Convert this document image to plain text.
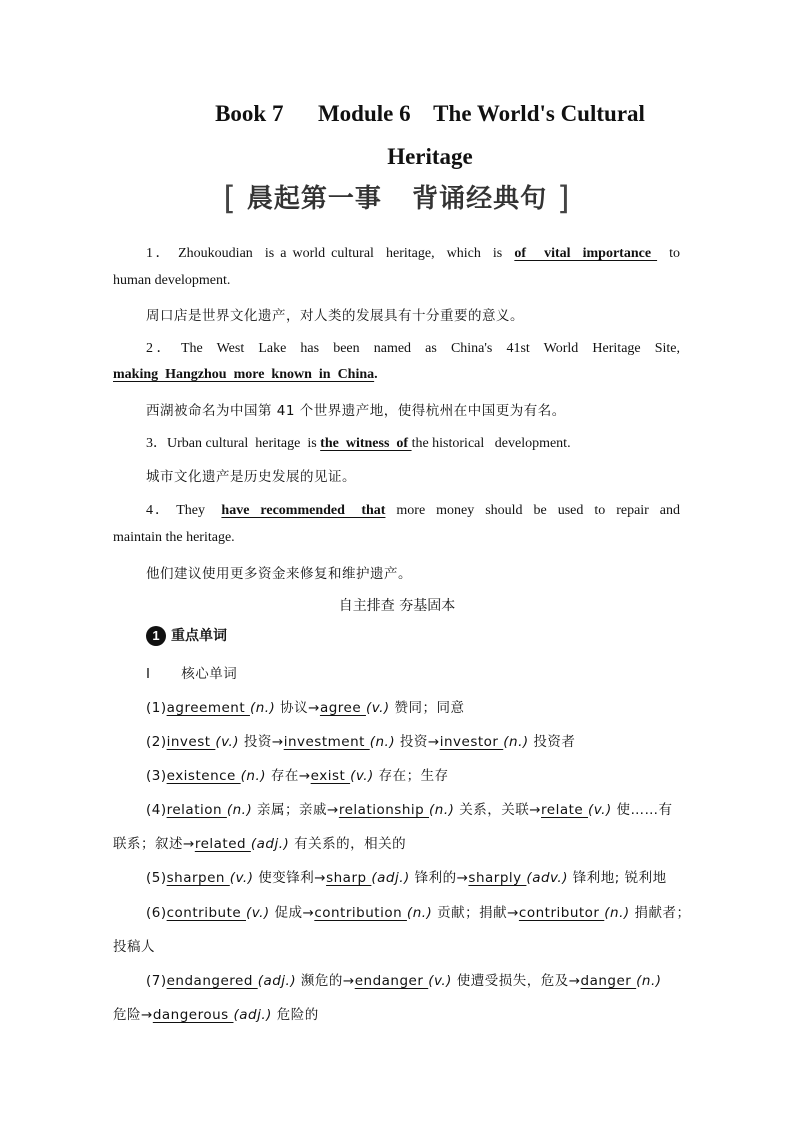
Book 7      Module 6    The World's Cultural
Heritage
[ 晨起第一事   背诵经典句 ]
1． Zhoukoudian  is a world cultural  heritage,  which  is  of   vital  importance   to
human development.
周口店是世界文化遗产，对人类的发展具有十分重要的意义。
2． The  West  Lake  has  been  named  as  China's  41st  World  Heritage  Site,
making  Hangzhou  more  known  in  China.
西湖被命名为中国第 41 个世界遗产地，使得杭州在中国更为有名。
3．Urban cultural  heritage  is the  witness  of the historical   development.
城市文化遗产是历史发展的见证。
4． They   have  recommended   that  more  money  should  be  used  to  repair  and
maintain the heritage.
他们建议使用更多资金来修复和维护遗产。
自主排查 夯基固本
1 重点单词
Ⅰ 核心单词
(1)agreement (n.) 协议→agree (v.) 赞同；同意
(2)invest (v.) 投资→investment (n.) 投资→investor (n.) 投资者
(3)existence (n.) 存在→exist (v.) 存在；生存
(4)relation (n.) 亲属；亲戚→relationship (n.) 关系，关联→relate (v.) 使……有
联系；叙述→related (adj.) 有关系的，相关的
(5)sharpen (v.) 使变锋利→sharp (adj.) 锋利的→sharply (adv.) 锋利地; 锐利地
(6)contribute (v.) 促成→contribution (n.) 贡献；捐献→contributor (n.) 捐献者；
投稿人
(7)endangered (adj.) 濒危的→endanger (v.) 使遭受损失，危及→danger (n.)
危险→dangerous (adj.) 危险的
